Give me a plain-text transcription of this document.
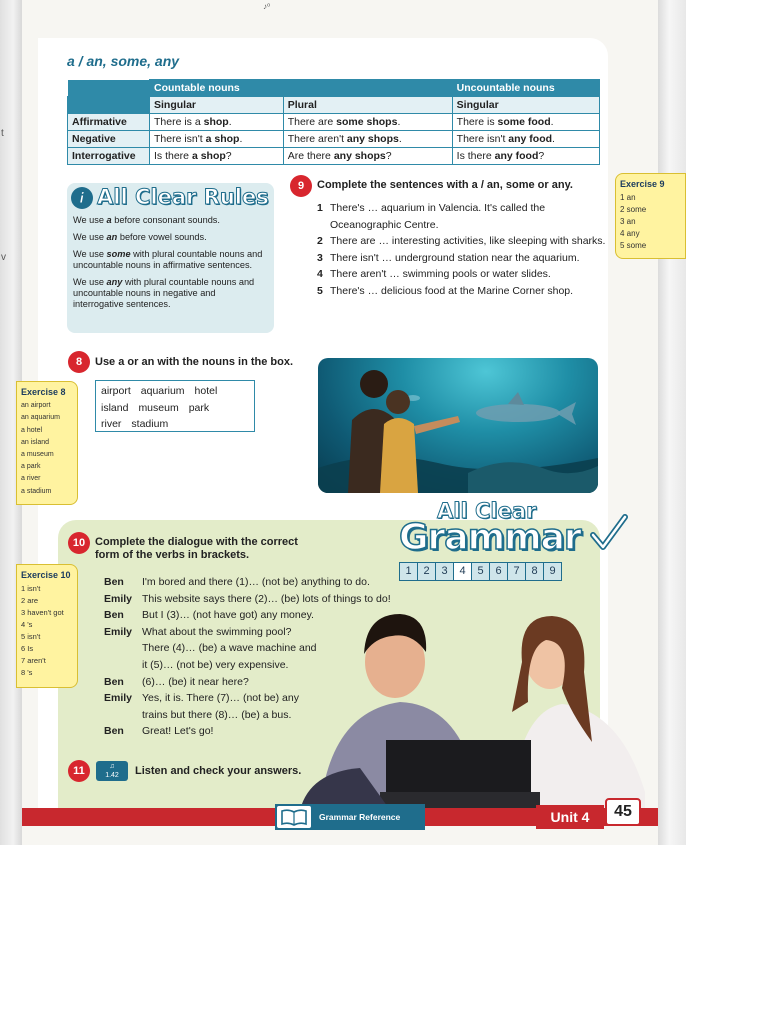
♪⁰
t
v
a / an, some, any
	Countable nouns		Uncountable nouns
	Singular	Plural	Singular
Affirmative	There is a shop.	There are some shops.	There is some food.
Negative	There isn't a shop.	There aren't any shops.	There isn't any food.
Interrogative	Is there a shop?	Are there any shops?	Is there any food?
i All Clear Rules

We use a before consonant sounds.

We use an before vowel sounds.

We use some with plural countable nouns and uncountable nouns in affirmative sentences.

We use any with plural countable nouns and uncountable nouns in negative and interrogative sentences.

9	Complete the sentences with a / an, some or any.
1 There's … aquarium in Valencia. It's called the Oceanographic Centre.
2 There are … interesting activities, like sleeping with sharks.
3 There isn't … underground station near the aquarium.
4 There aren't … swimming pools or water slides.
5 There's … delicious food at the Marine Corner shop.
Exercise 9
1 an
2 some
3 an
4 any
5 some
8	Use a or an with the nouns in the box.
airport aquarium hotel
island museum park
river stadium
Exercise 8
an airport
an aquarium
a hotel
an island
a museum
a park
a river
a stadium
All Clear
Grammar
1	2	3	4	5	6	7	8	9
10 Complete the dialogue with the correct form of the verbs in brackets.
Exercise 10
1 isn't
2 are
3 haven't got
4 's
5 isn't
6 Is
7 aren't
8 's
Ben	I'm bored and there (1)… (not be) anything to do.
Emily This website says there (2)… (be) lots of things to do!
Ben	But I (3)… (not have got) any money.
Emily What about the swimming pool?
There (4)… (be) a wave machine and
it (5)… (not be) very expensive.
Ben	(6)… (be) it near here?
Emily Yes, it is. There (7)… (not be) any
trains but there (8)… (be) a bus.
Ben	Great! Let's go!
11	♫
1.42	Listen and check your answers.
Grammar Reference	Unit 4	45
